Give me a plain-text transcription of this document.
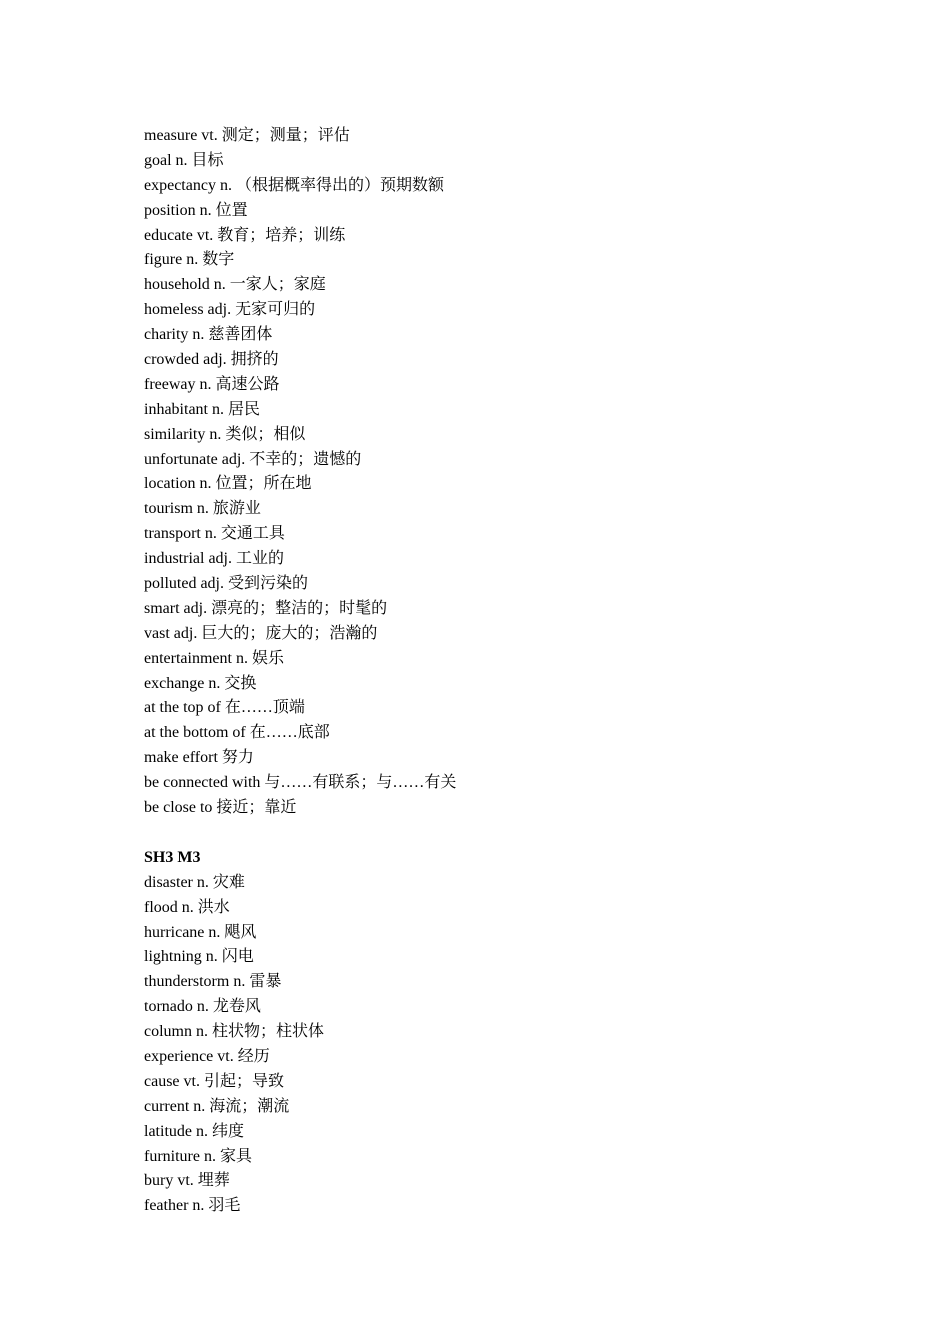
measure vt. 测定；测量；评估
goal n. 目标
expectancy n. （根据概率得出的）预期数额
position n. 位置
educate vt. 教育；培养；训练
figure n. 数字
household n. 一家人；家庭
homeless adj. 无家可归的
charity n. 慈善团体
crowded adj. 拥挤的
freeway n. 高速公路
inhabitant n. 居民
similarity n. 类似；相似
unfortunate adj. 不幸的；遗憾的
location n. 位置；所在地
tourism n. 旅游业
transport n. 交通工具
industrial adj. 工业的
polluted adj. 受到污染的
smart adj. 漂亮的；整洁的；时髦的
vast adj. 巨大的；庞大的；浩瀚的
entertainment n. 娱乐
exchange n. 交换
at the top of 在……顶端
at the bottom of 在……底部
make effort 努力
be connected with 与……有联系；与……有关
be close to 接近；靠近
SH3 M3
disaster n. 灾难
flood n. 洪水
hurricane n. 飓风
lightning n. 闪电
thunderstorm n. 雷暴
tornado n. 龙卷风
column n. 柱状物；柱状体
experience vt. 经历
cause vt. 引起；导致
current n. 海流；潮流
latitude n. 纬度
furniture n. 家具
bury vt. 埋葬
feather n. 羽毛
